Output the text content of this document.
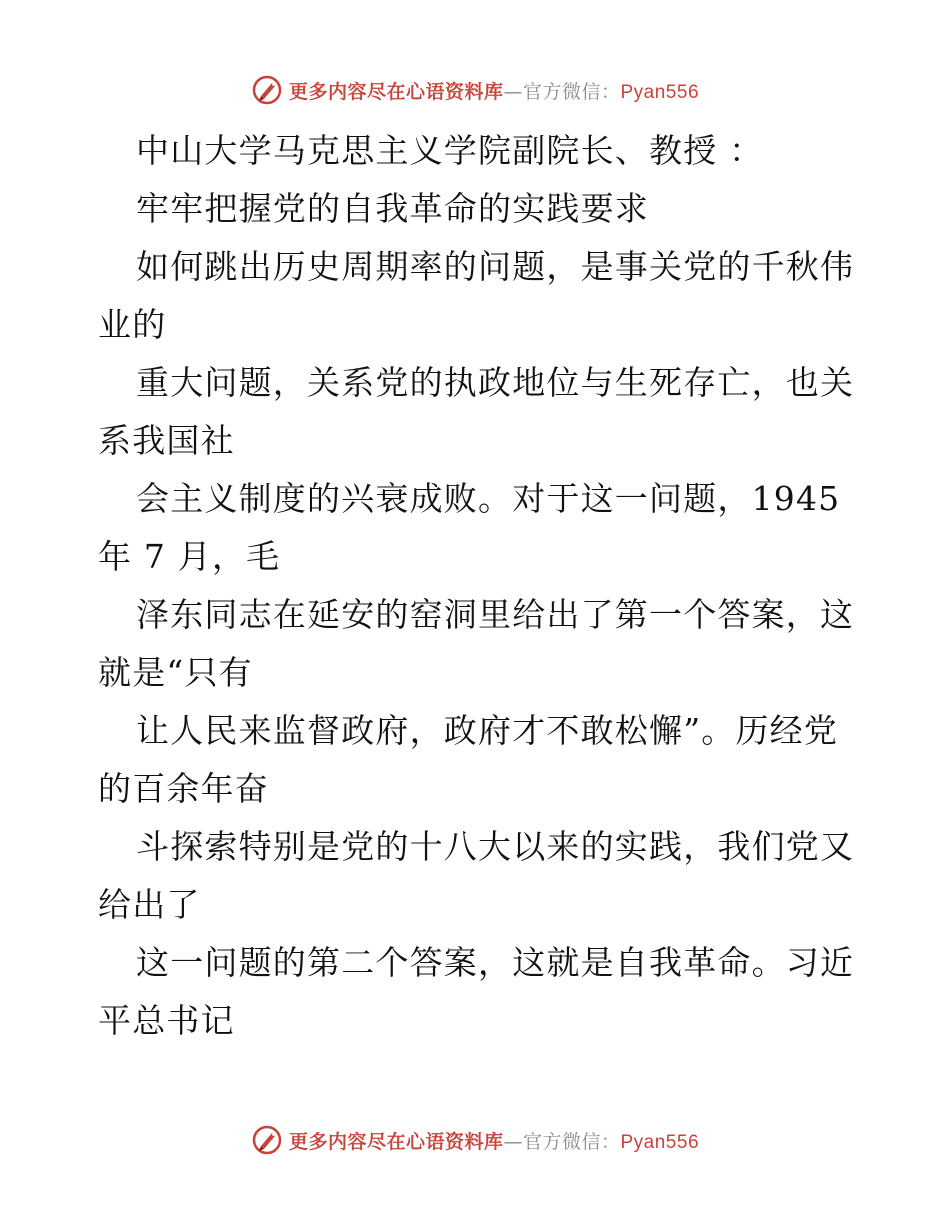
更多内容尽在心语资料库—官方微信：Pyan556
中山大学马克思主义学院副院长、教授 ：
牢牢把握党的自我革命的实践要求
如何跳出历史周期率的问题，是事关党的千秋伟
业的
重大问题，关系党的执政地位与生死存亡，也关
系我国社
会主义制度的兴衰成败。对于这一问题，1945
年 7 月，毛
泽东同志在延安的窑洞里给出了第一个答案，这
就是“只有
让人民来监督政府，政府才不敢松懈”。历经党
的百余年奋
斗探索特别是党的十八大以来的实践，我们党又
给出了
这一问题的第二个答案，这就是自我革命。习近
平总书记
更多内容尽在心语资料库—官方微信：Pyan556
